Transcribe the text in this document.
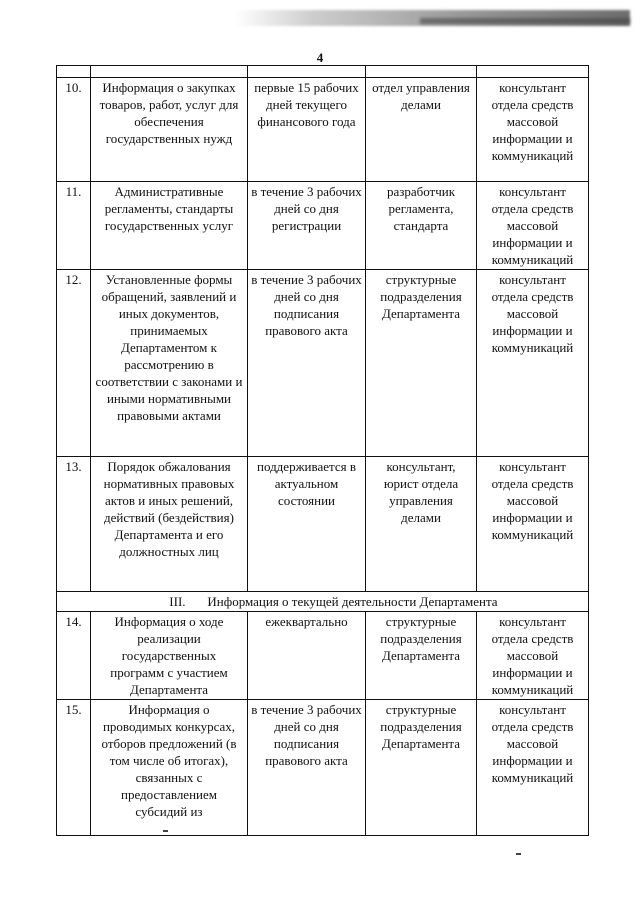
4

10.	Информация о закупках товаров, работ, услуг для обеспечения государственных нужд	первые 15 рабочих дней текущего финансового года	отдел управления делами	консультант отдела средств массовой информации и коммуникаций
11.	Административные регламенты, стандарты государственных услуг	в течение 3 рабочих дней со дня регистрации	разработчик регламента, стандарта	консультант отдела средств массовой информации и коммуникаций
12.	Установленные формы обращений, заявлений и иных документов, принимаемых Департаментом к рассмотрению в соответствии с законами и иными нормативными правовыми актами	в течение 3 рабочих дней со дня подписания правового акта	структурные подразделения Департамента	консультант отдела средств массовой информации и коммуникаций
13.	Порядок обжалования нормативных правовых актов и иных решений, действий (бездействия) Департамента и его должностных лиц	поддерживается в актуальном состоянии	консультант, юрист отдела управления делами	консультант отдела средств массовой информации и коммуникаций
III. Информация о текущей деятельности Департамента				
14.	Информация о ходе реализации государственных программ с участием Департамента	ежеквартально	структурные подразделения Департамента	консультант отдела средств массовой информации и коммуникаций
15.	Информация о проводимых конкурсах, отборов предложений (в том числе об итогах), связанных с предоставлением субсидий из	в течение 3 рабочих дней со дня подписания правового акта	структурные подразделения Департамента	консультант отдела средств массовой информации и коммуникаций
